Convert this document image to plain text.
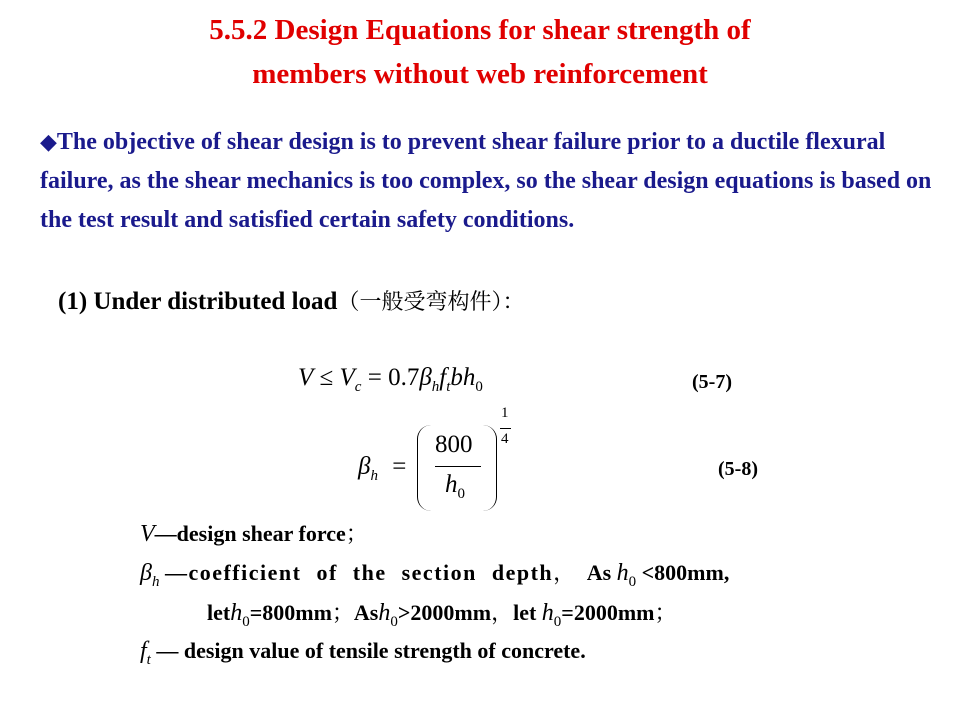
5.5.2 Design Equations for shear strength of
members without web reinforcement
◆The objective of shear design is to prevent shear failure prior to a ductile flexural failure, as the shear mechanics is too complex, so the shear design equations is based on the test result and satisfied certain safety conditions.
(1) Under distributed load（一般受弯构件）：
$V \le V_c = 0.7\beta_hf_tbh_0$	(5-7)
$\beta_h$ =
800
$h_0$
1
4
(5-8)
V—design shear force；
$\beta_h$ —coefficient of the section depth， As $h_0 <800mm$,
leth$_0$=800mm；Ash$_0$>2000mm，let $h_0=2000mm$；
$f_t$ — design value of tensile strength of concrete.
